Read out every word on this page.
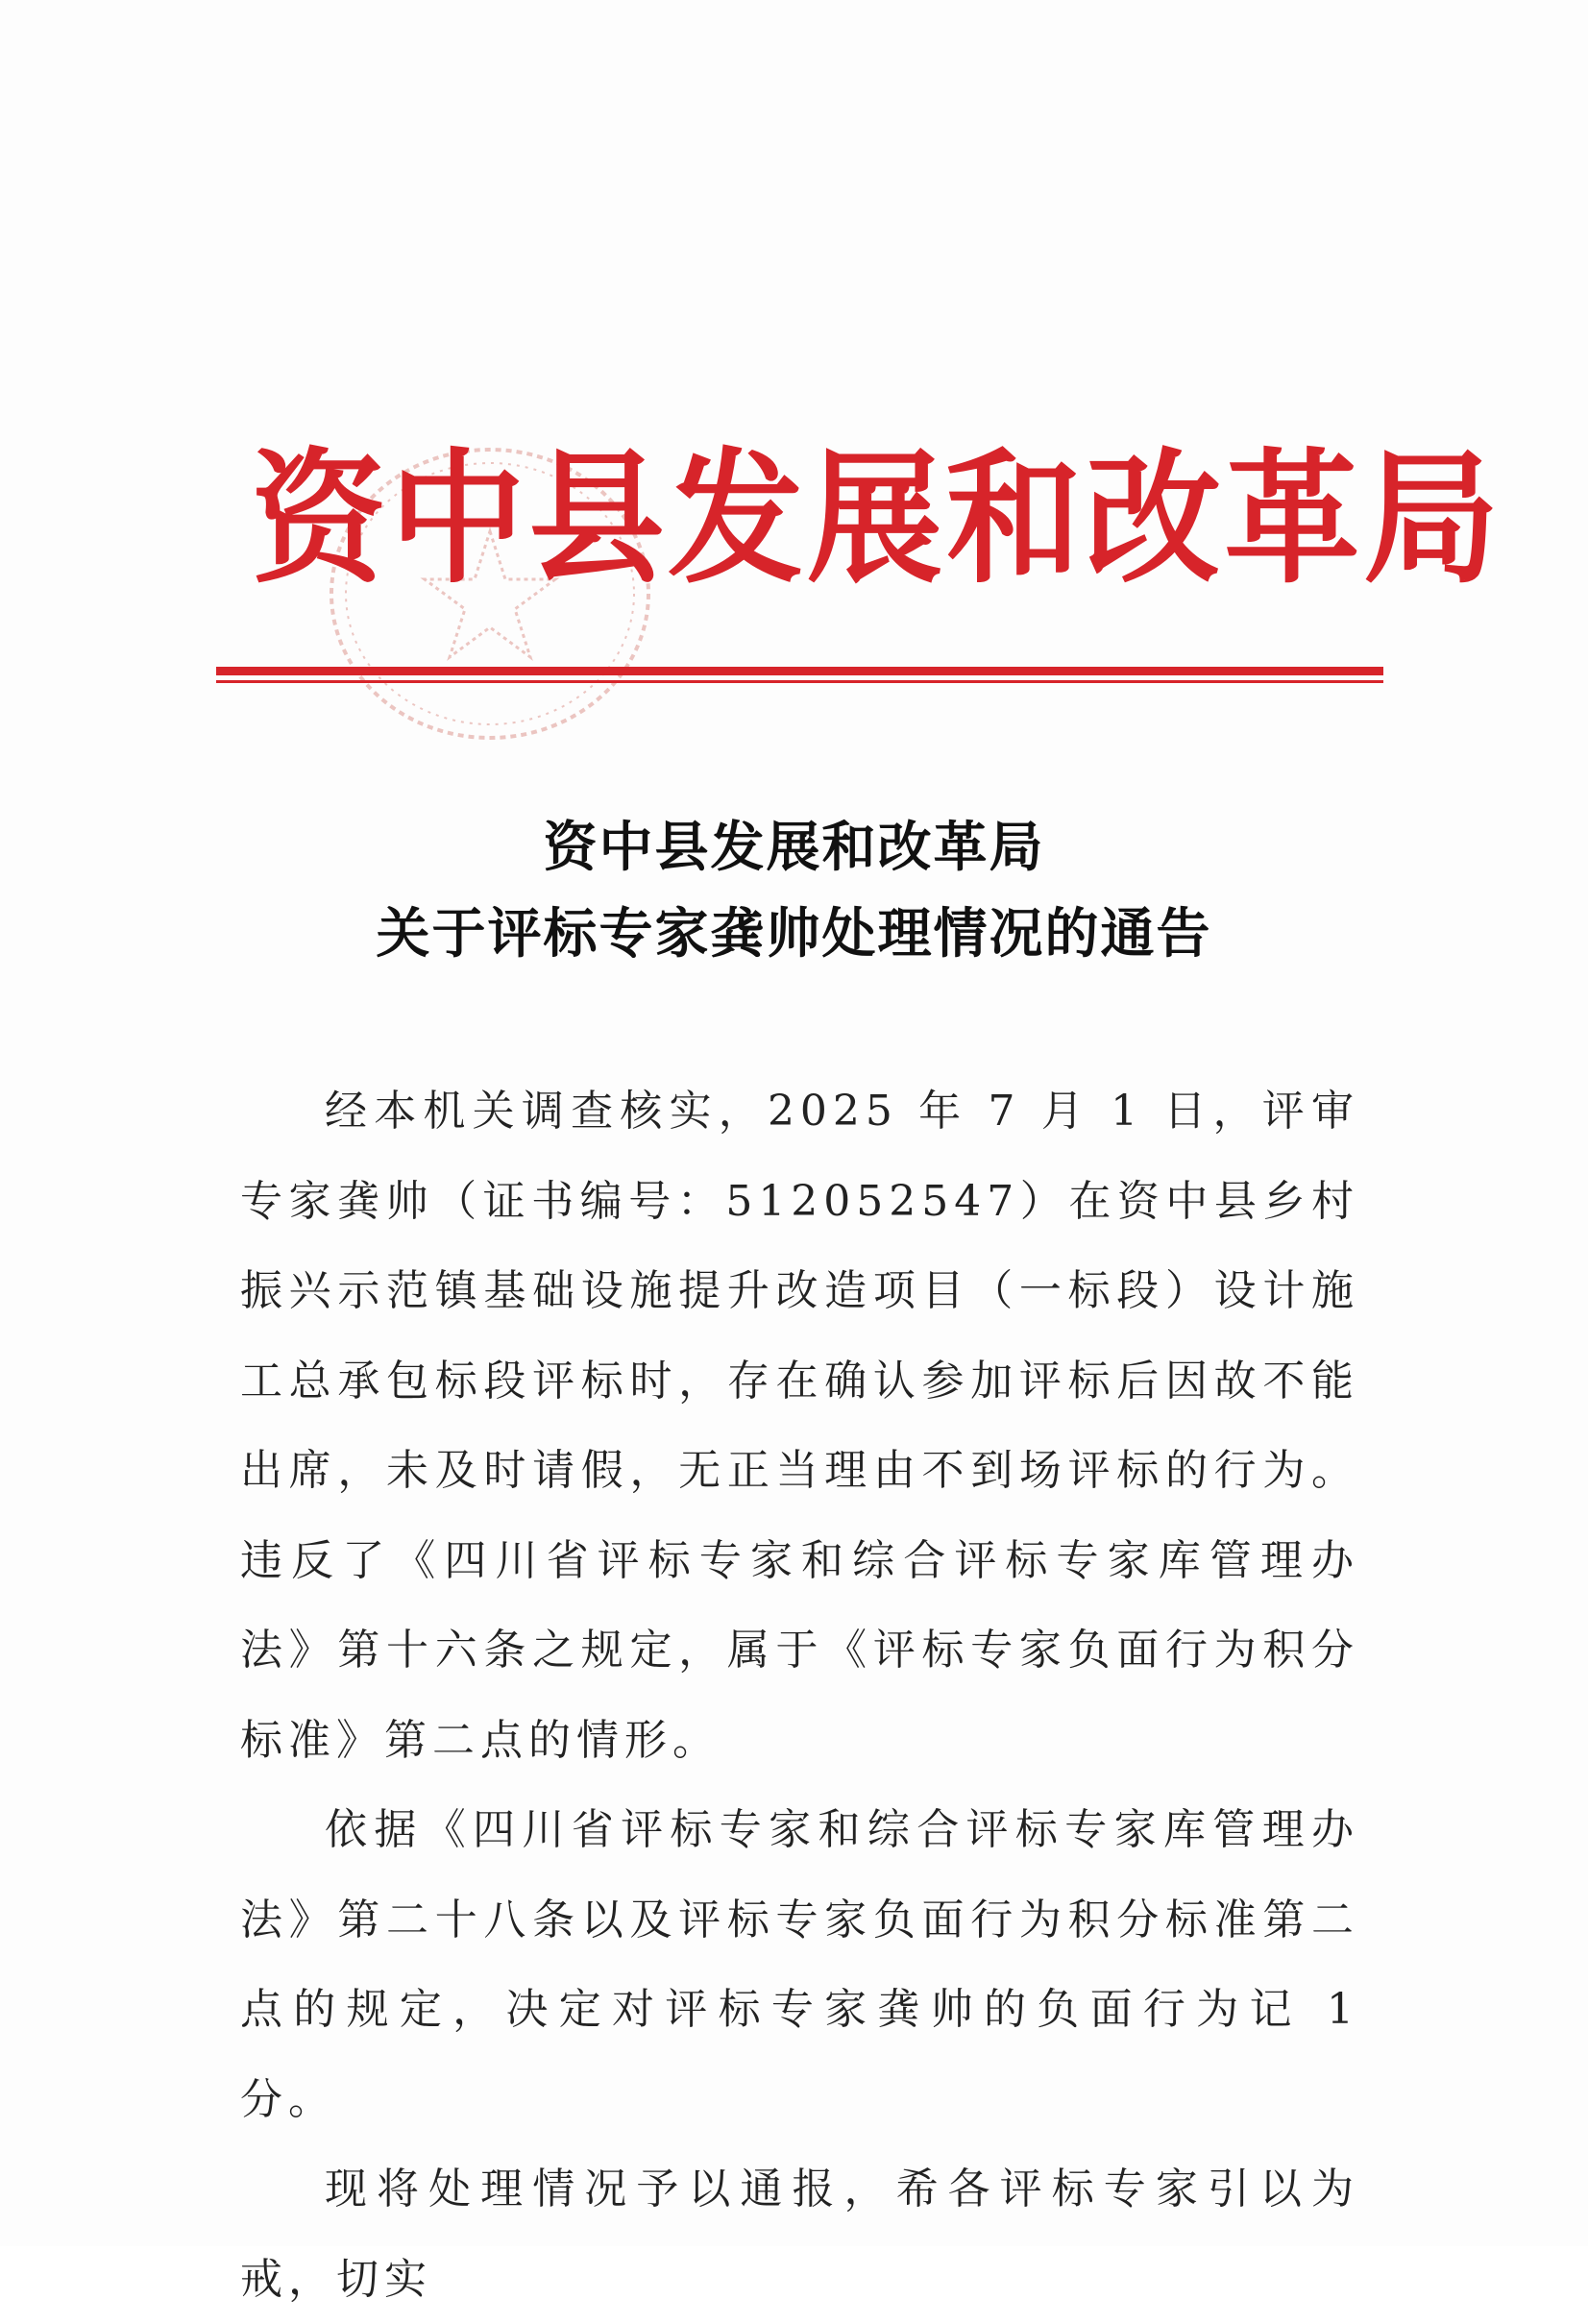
资中县发展和改革局
资中县发展和改革局
关于评标专家龚帅处理情况的通告

经本机关调查核实，2025 年 7 月 1 日，评审专家龚帅（证书编号：512052547）在资中县乡村振兴示范镇基础设施提升改造项目（一标段）设计施工总承包标段评标时，存在确认参加评标后因故不能出席，未及时请假，无正当理由不到场评标的行为。违反了《四川省评标专家和综合评标专家库管理办法》第十六条之规定，属于《评标专家负面行为积分标准》第二点的情形。

依据《四川省评标专家和综合评标专家库管理办法》第二十八条以及评标专家负面行为积分标准第二点的规定，决定对评标专家龚帅的负面行为记 1 分。

现将处理情况予以通报，希各评标专家引以为戒，切实
